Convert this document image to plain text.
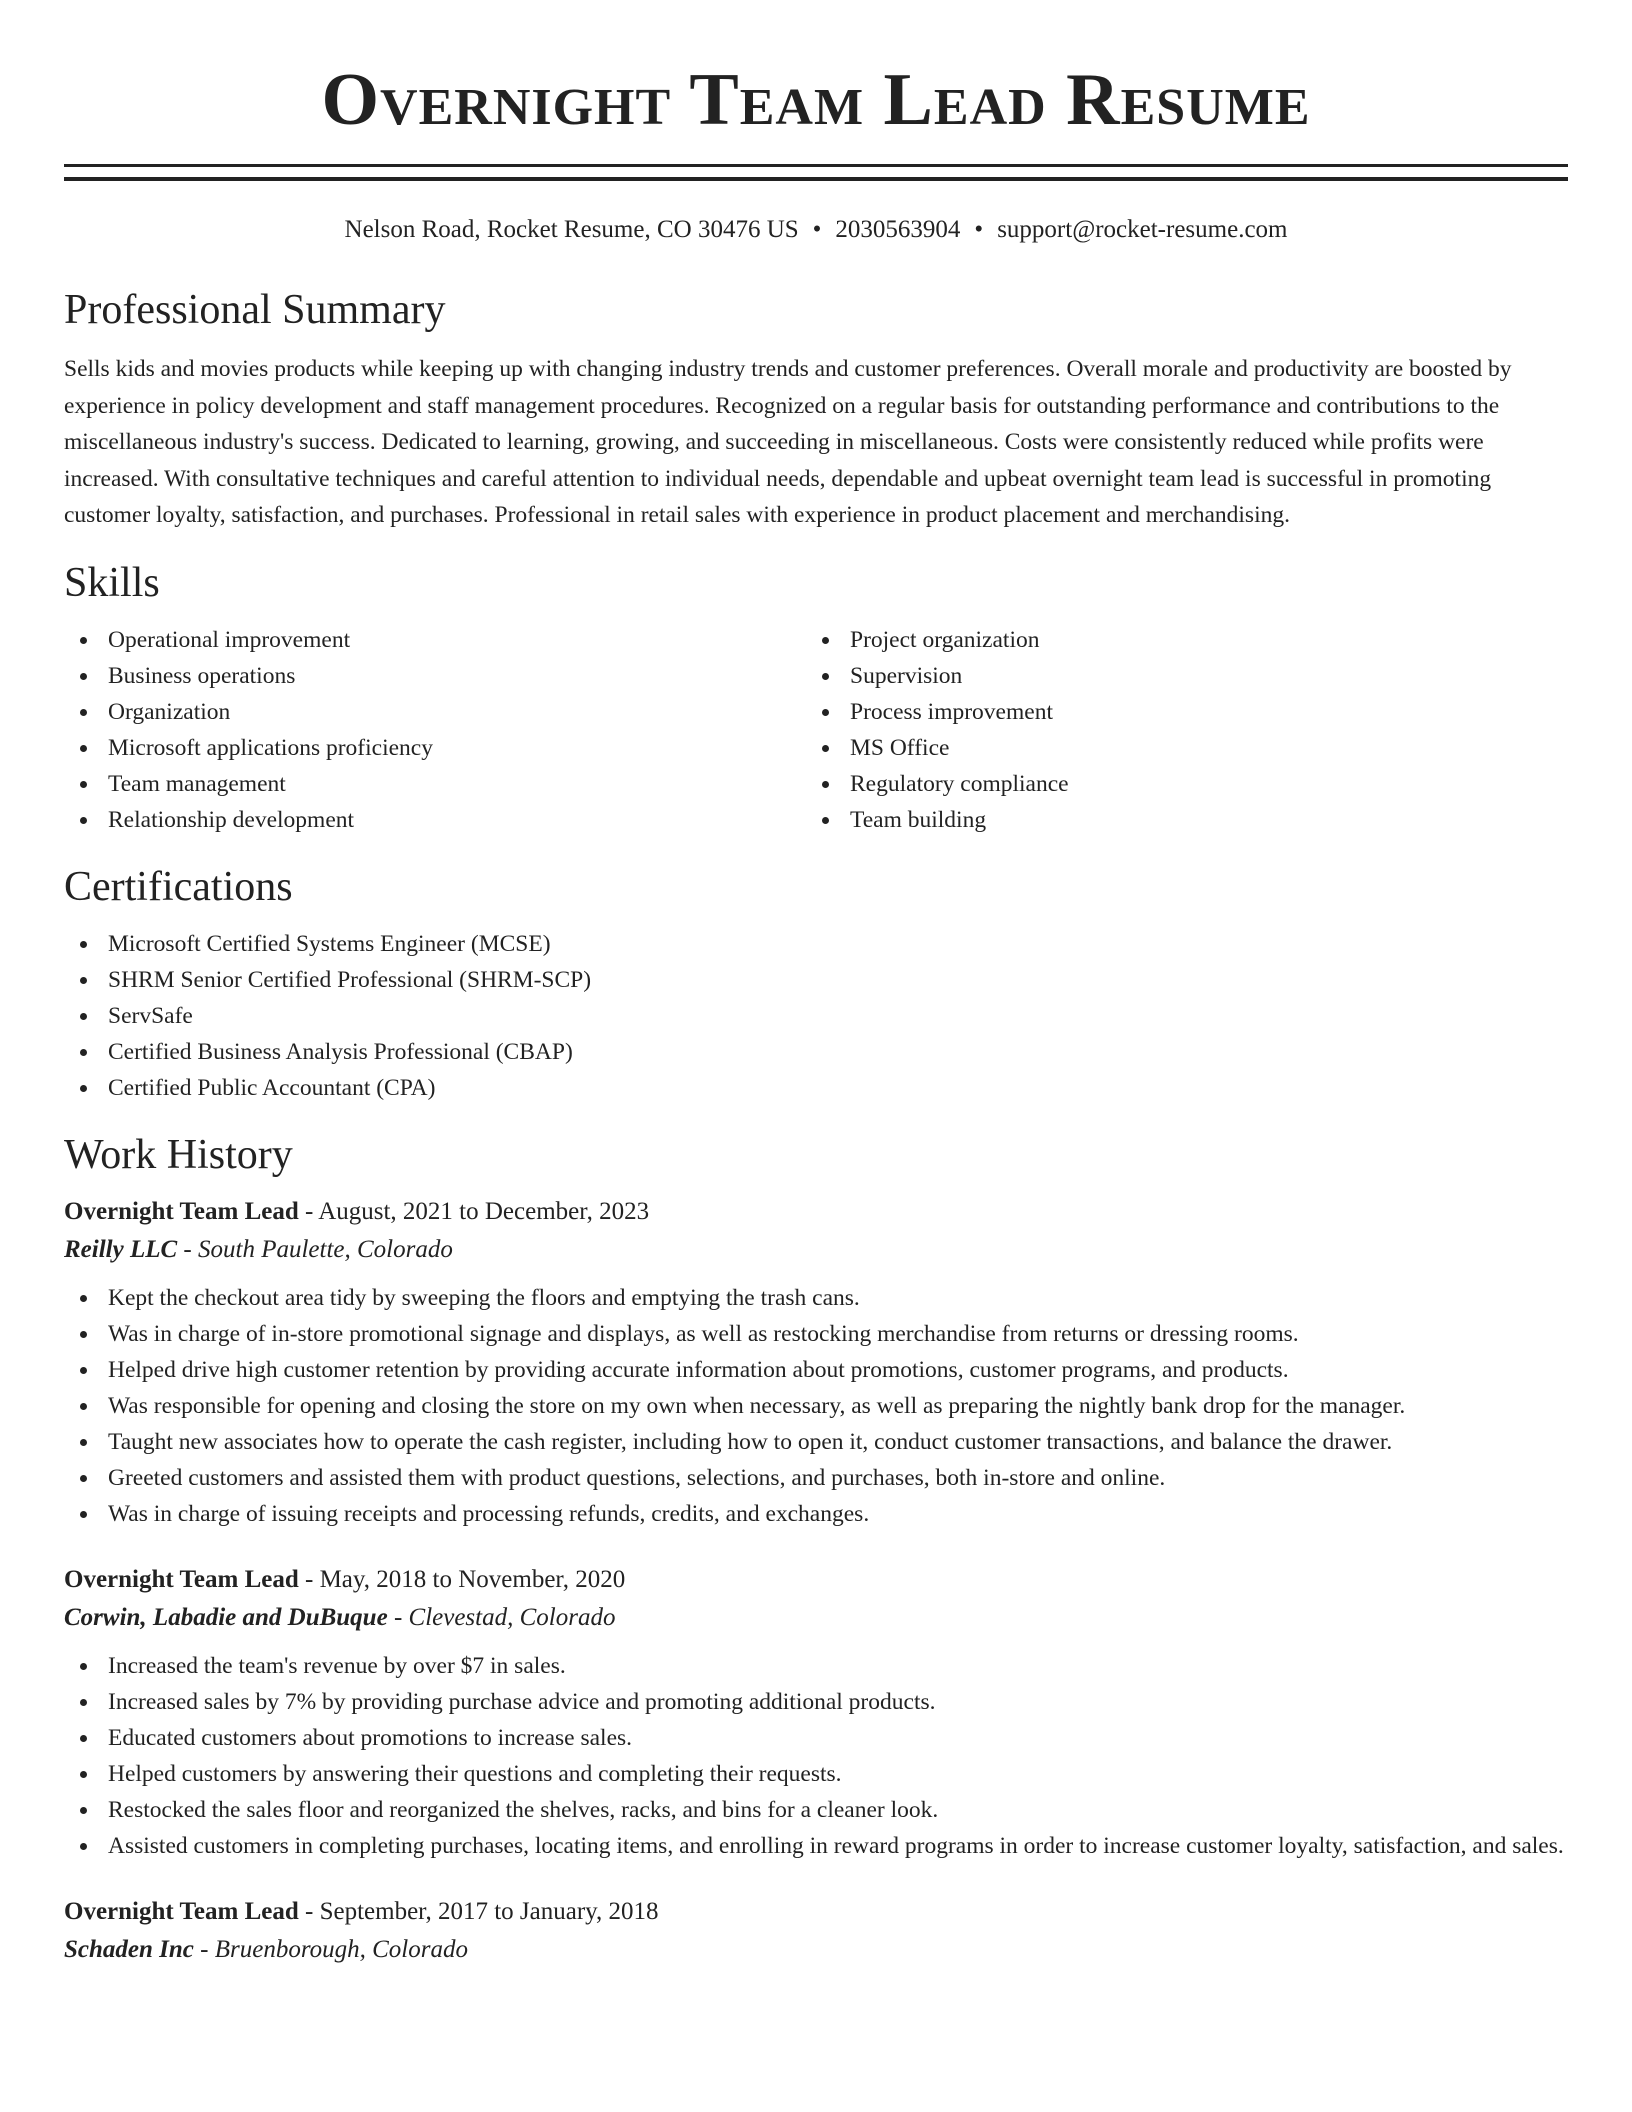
Overnight Team Lead Resume
Nelson Road, Rocket Resume, CO 30476 US • 2030563904 • support@rocket-resume.com
Professional Summary

Sells kids and movies products while keeping up with changing industry trends and customer preferences. Overall morale and productivity are boosted by experience in policy development and staff management procedures. Recognized on a regular basis for outstanding performance and contributions to the miscellaneous industry's success. Dedicated to learning, growing, and succeeding in miscellaneous. Costs were consistently reduced while profits were increased. With consultative techniques and careful attention to individual needs, dependable and upbeat overnight team lead is successful in promoting customer loyalty, satisfaction, and purchases. Professional in retail sales with experience in product placement and merchandising.

Skills
Operational improvement
Business operations
Organization
Microsoft applications proficiency
Team management
Relationship development
Project organization
Supervision
Process improvement
MS Office
Regulatory compliance
Team building
Certifications
Microsoft Certified Systems Engineer (MCSE)
SHRM Senior Certified Professional (SHRM-SCP)
ServSafe
Certified Business Analysis Professional (CBAP)
Certified Public Accountant (CPA)
Work History
Overnight Team Lead - August, 2021 to December, 2023
Reilly LLC - South Paulette, Colorado
Kept the checkout area tidy by sweeping the floors and emptying the trash cans.
Was in charge of in-store promotional signage and displays, as well as restocking merchandise from returns or dressing rooms.
Helped drive high customer retention by providing accurate information about promotions, customer programs, and products.
Was responsible for opening and closing the store on my own when necessary, as well as preparing the nightly bank drop for the manager.
Taught new associates how to operate the cash register, including how to open it, conduct customer transactions, and balance the drawer.
Greeted customers and assisted them with product questions, selections, and purchases, both in-store and online.
Was in charge of issuing receipts and processing refunds, credits, and exchanges.
Overnight Team Lead - May, 2018 to November, 2020
Corwin, Labadie and DuBuque - Clevestad, Colorado
Increased the team's revenue by over $7 in sales.
Increased sales by 7% by providing purchase advice and promoting additional products.
Educated customers about promotions to increase sales.
Helped customers by answering their questions and completing their requests.
Restocked the sales floor and reorganized the shelves, racks, and bins for a cleaner look.
Assisted customers in completing purchases, locating items, and enrolling in reward programs in order to increase customer loyalty, satisfaction, and sales.
Overnight Team Lead - September, 2017 to January, 2018
Schaden Inc - Bruenborough, Colorado
